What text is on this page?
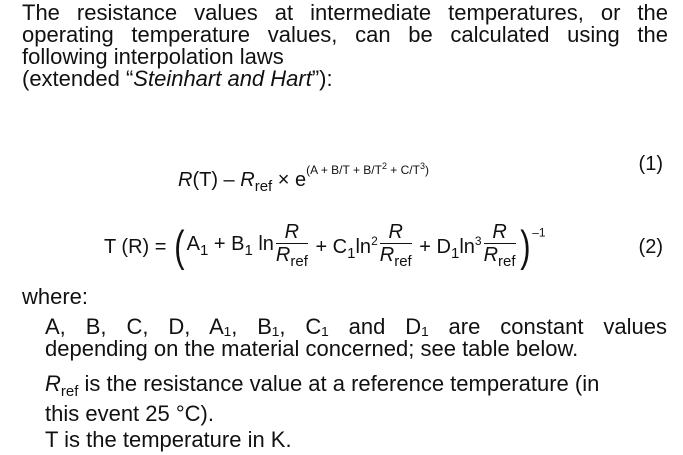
The resistance values at intermediate temperatures, or the
operating temperature values, can be calculated using the
following interpolation laws
(extended “Steinhart and Hart”):
$R(T) - R_{ref} \times e^{(A + B/T + B/T^2 + C/T^3)}$	(1)
T (R) = ( $A_1 + B_1$ $\ln \frac{R}{R_{ref}} + C_1\ln^2 \frac{R}{R_{ref}} + D_1\ln^3 \frac{R}{R_{ref}}$ ) $^{-1}$
(2)
where:
A, B, C, D, A₁, B₁, C₁ and D₁ are constant values
depending on the material concerned; see table below.
$R_{ref}$ is the resistance value at a reference temperature (in
this event 25 °C).
T is the temperature in K.
